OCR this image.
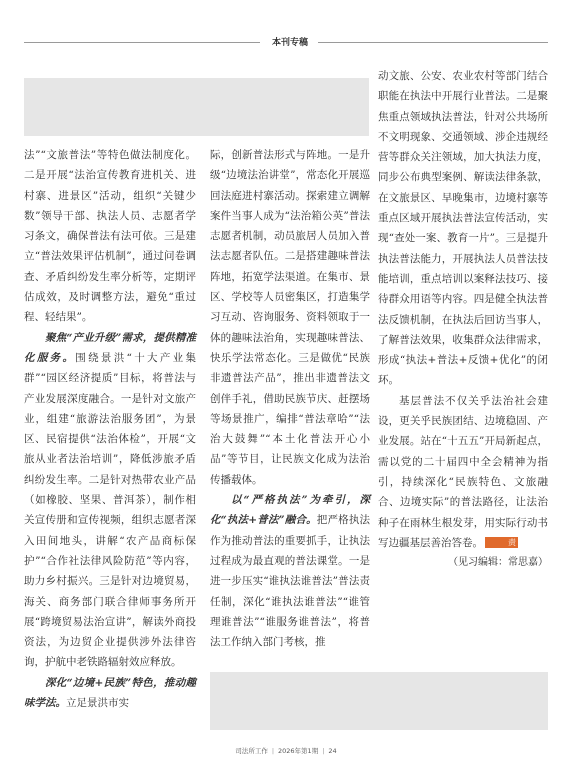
本刊专稿

法”“文旅普法”等特色做法制度化。二是开展“法治宣传教育进机关、进村寨、进景区”活动，组织“关键少数”领导干部、执法人员、志愿者学习条文，确保普法有法可依。三是建立“普法效果评估机制”，通过问卷调查、矛盾纠纷发生率分析等，定期评估成效，及时调整方法，避免“重过程、轻结果”。

聚焦“产业升级”需求，提供精准化服务。围绕景洪“十大产业集群”“园区经济提质”目标，将普法与产业发展深度融合。一是针对文旅产业，组建“旅游法治服务团”，为景区、民宿提供“法治体检”，开展“文旅从业者法治培训”，降低涉旅矛盾纠纷发生率。二是针对热带农业产品（如橡胶、坚果、普洱茶），制作相关宣传册和宣传视频，组织志愿者深入田间地头，讲解“农产品商标保护”“合作社法律风险防范”等内容，助力乡村振兴。三是针对边境贸易，海关、商务部门联合律师事务所开展“跨境贸易法治宣讲”，解读外商投资法，为边贸企业提供涉外法律咨询，护航中老铁路辐射效应释放。

深化“边境+民族”特色，推动趣味学法。立足景洪市实

际，创新普法形式与阵地。一是升级“边境法治讲堂”，常态化开展巡回法庭进村寨活动。探索建立调解案件当事人成为“法治箱公英”普法志愿者机制，动员旅居人员加入普法志愿者队伍。二是搭建趣味普法阵地，拓宽学法渠道。在集市、景区、学校等人员密集区，打造集学习互动、咨询服务、资料领取于一体的趣味法治角，实现趣味普法、快乐学法常态化。三是做优“民族非遗普法产品”，推出非遗普法文创伴手礼，借助民族节庆、赶摆场等场景推广，编排“普法章哈”“法治大鼓舞”“本土化普法开心小品”等节目，让民族文化成为法治传播载体。

以“严格执法”为牵引，深化“执法+普法”融合。把严格执法作为推动普法的重要抓手，让执法过程成为最直观的普法课堂。一是进一步压实“谁执法谁普法”普法责任制，深化“谁执法谁普法”“谁管理谁普法”“谁服务谁普法”，将普法工作纳入部门考核，推

动文旅、公安、农业农村等部门结合职能在执法中开展行业普法。二是聚焦重点领域执法普法，针对公共场所不文明现象、交通领域、涉企违规经营等群众关注领域，加大执法力度，同步公布典型案例、解读法律条款，在文旅景区、早晚集市，边境村寨等重点区域开展执法普法宣传活动，实现“查处一案、教育一片”。三是提升执法普法能力，开展执法人员普法技能培训，重点培训以案释法技巧、接待群众用语等内容。四是健全执法普法反馈机制，在执法后回访当事人，了解普法效果，收集群众法律需求，形成“执法+普法+反馈+优化”的闭环。

基层普法不仅关乎法治社会建设，更关乎民族团结、边境稳固、产业发展。站在“十五五”开局新起点，需以党的二十届四中全会精神为指引，持续深化“民族特色、文旅融合、边境实际”的普法路径，让法治种子在雨林生根发芽，用实际行动书写边疆基层善治答卷。	责

（见习编辑：常思嘉）

司法所工作 | 2026年第1期 | 24
